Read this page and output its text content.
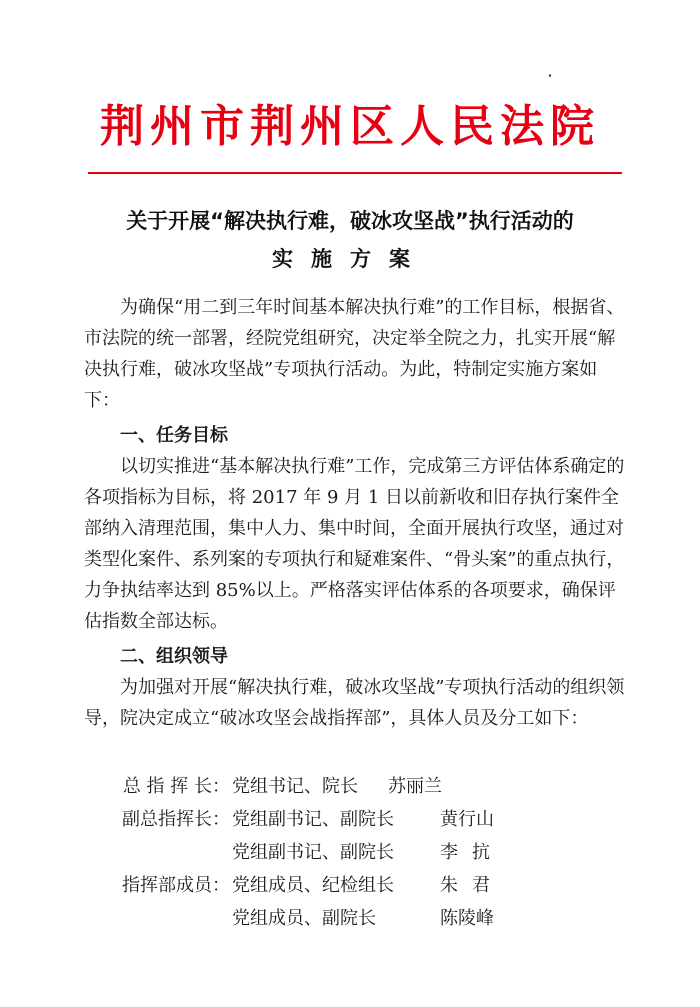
荆州市荆州区人民法院
关于开展“解决执行难，破冰攻坚战”执行活动的
实施方案

为确保“用二到三年时间基本解决执行难”的工作目标，根据省、市法院的统一部署，经院党组研究，决定举全院之力，扎实开展“解决执行难，破冰攻坚战”专项执行活动。为此，特制定实施方案如下：

一、任务目标

以切实推进“基本解决执行难”工作，完成第三方评估体系确定的各项指标为目标，将 2017 年 9 月 1 日以前新收和旧存执行案件全部纳入清理范围，集中人力、集中时间，全面开展执行攻坚，通过对类型化案件、系列案的专项执行和疑难案件、“骨头案”的重点执行，力争执结率达到 85%以上。严格落实评估体系的各项要求，确保评估指数全部达标。

二、组织领导

为加强对开展“解决执行难，破冰攻坚战”专项执行活动的组织领导，院决定成立“破冰攻坚会战指挥部”，具体人员及分工如下：

总 指 挥 长： 党组书记、院长 苏丽兰
副总指挥长： 党组副书记、副院长	黄行山
党组副书记、副院长	李抗
指挥部成员： 党组成员、纪检组长	朱君
党组成员、副院长	陈陵峰
